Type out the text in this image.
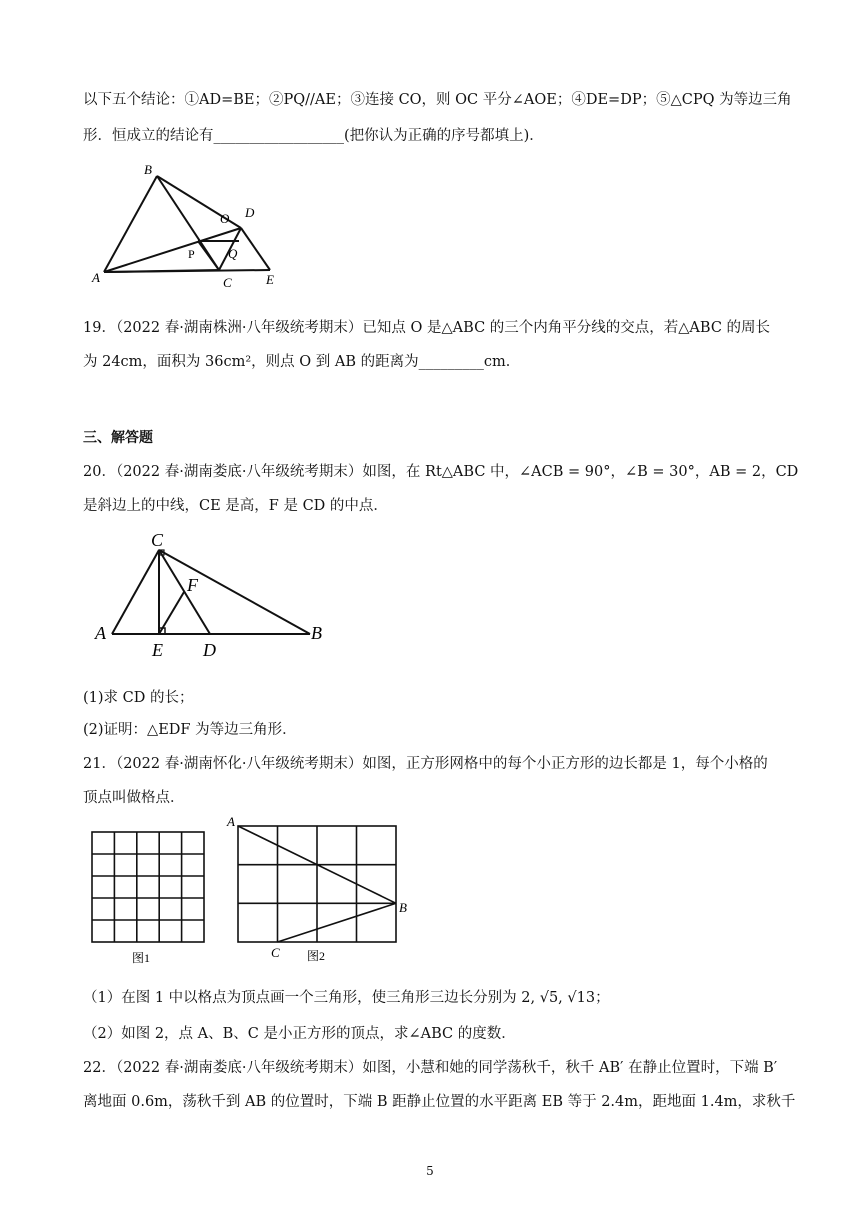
以下五个结论：①AD=BE；②PQ//AE；③连接 CO，则 OC 平分∠AOE；④DE=DP；⑤△CPQ 为等边三角
形．恒成立的结论有__________________(把你认为正确的序号都填上)．
B
O D
P	Q
A	C	E
19．（2022 春·湖南株洲·八年级统考期末）已知点 O 是△ABC 的三个内角平分线的交点，若△ABC 的周长
为 24cm，面积为 36cm²，则点 O 到 AB 的距离为_________cm．
三、解答题
20．（2022 春·湖南娄底·八年级统考期末）如图，在 Rt△ABC 中，∠ACB = 90°，∠B = 30°，AB = 2，CD
是斜边上的中线，CE 是高，F 是 CD 的中点．
C
F
A
E D
B
(1)求 CD 的长；
(2)证明：△EDF 为等边三角形．
21．（2022 春·湖南怀化·八年级统考期末）如图，正方形网格中的每个小正方形的边长都是 1，每个小格的
顶点叫做格点．
图1
A
B
C 图2
（1）在图 1 中以格点为顶点画一个三角形，使三角形三边长分别为 2, √5, √13；
（2）如图 2，点 A、B、C 是小正方形的顶点，求∠ABC 的度数．
22．（2022 春·湖南娄底·八年级统考期末）如图，小慧和她的同学荡秋千，秋千 AB′ 在静止位置时，下端 B′
离地面 0.6m，荡秋千到 AB 的位置时，下端 B 距静止位置的水平距离 EB 等于 2.4m，距地面 1.4m，求秋千
5
